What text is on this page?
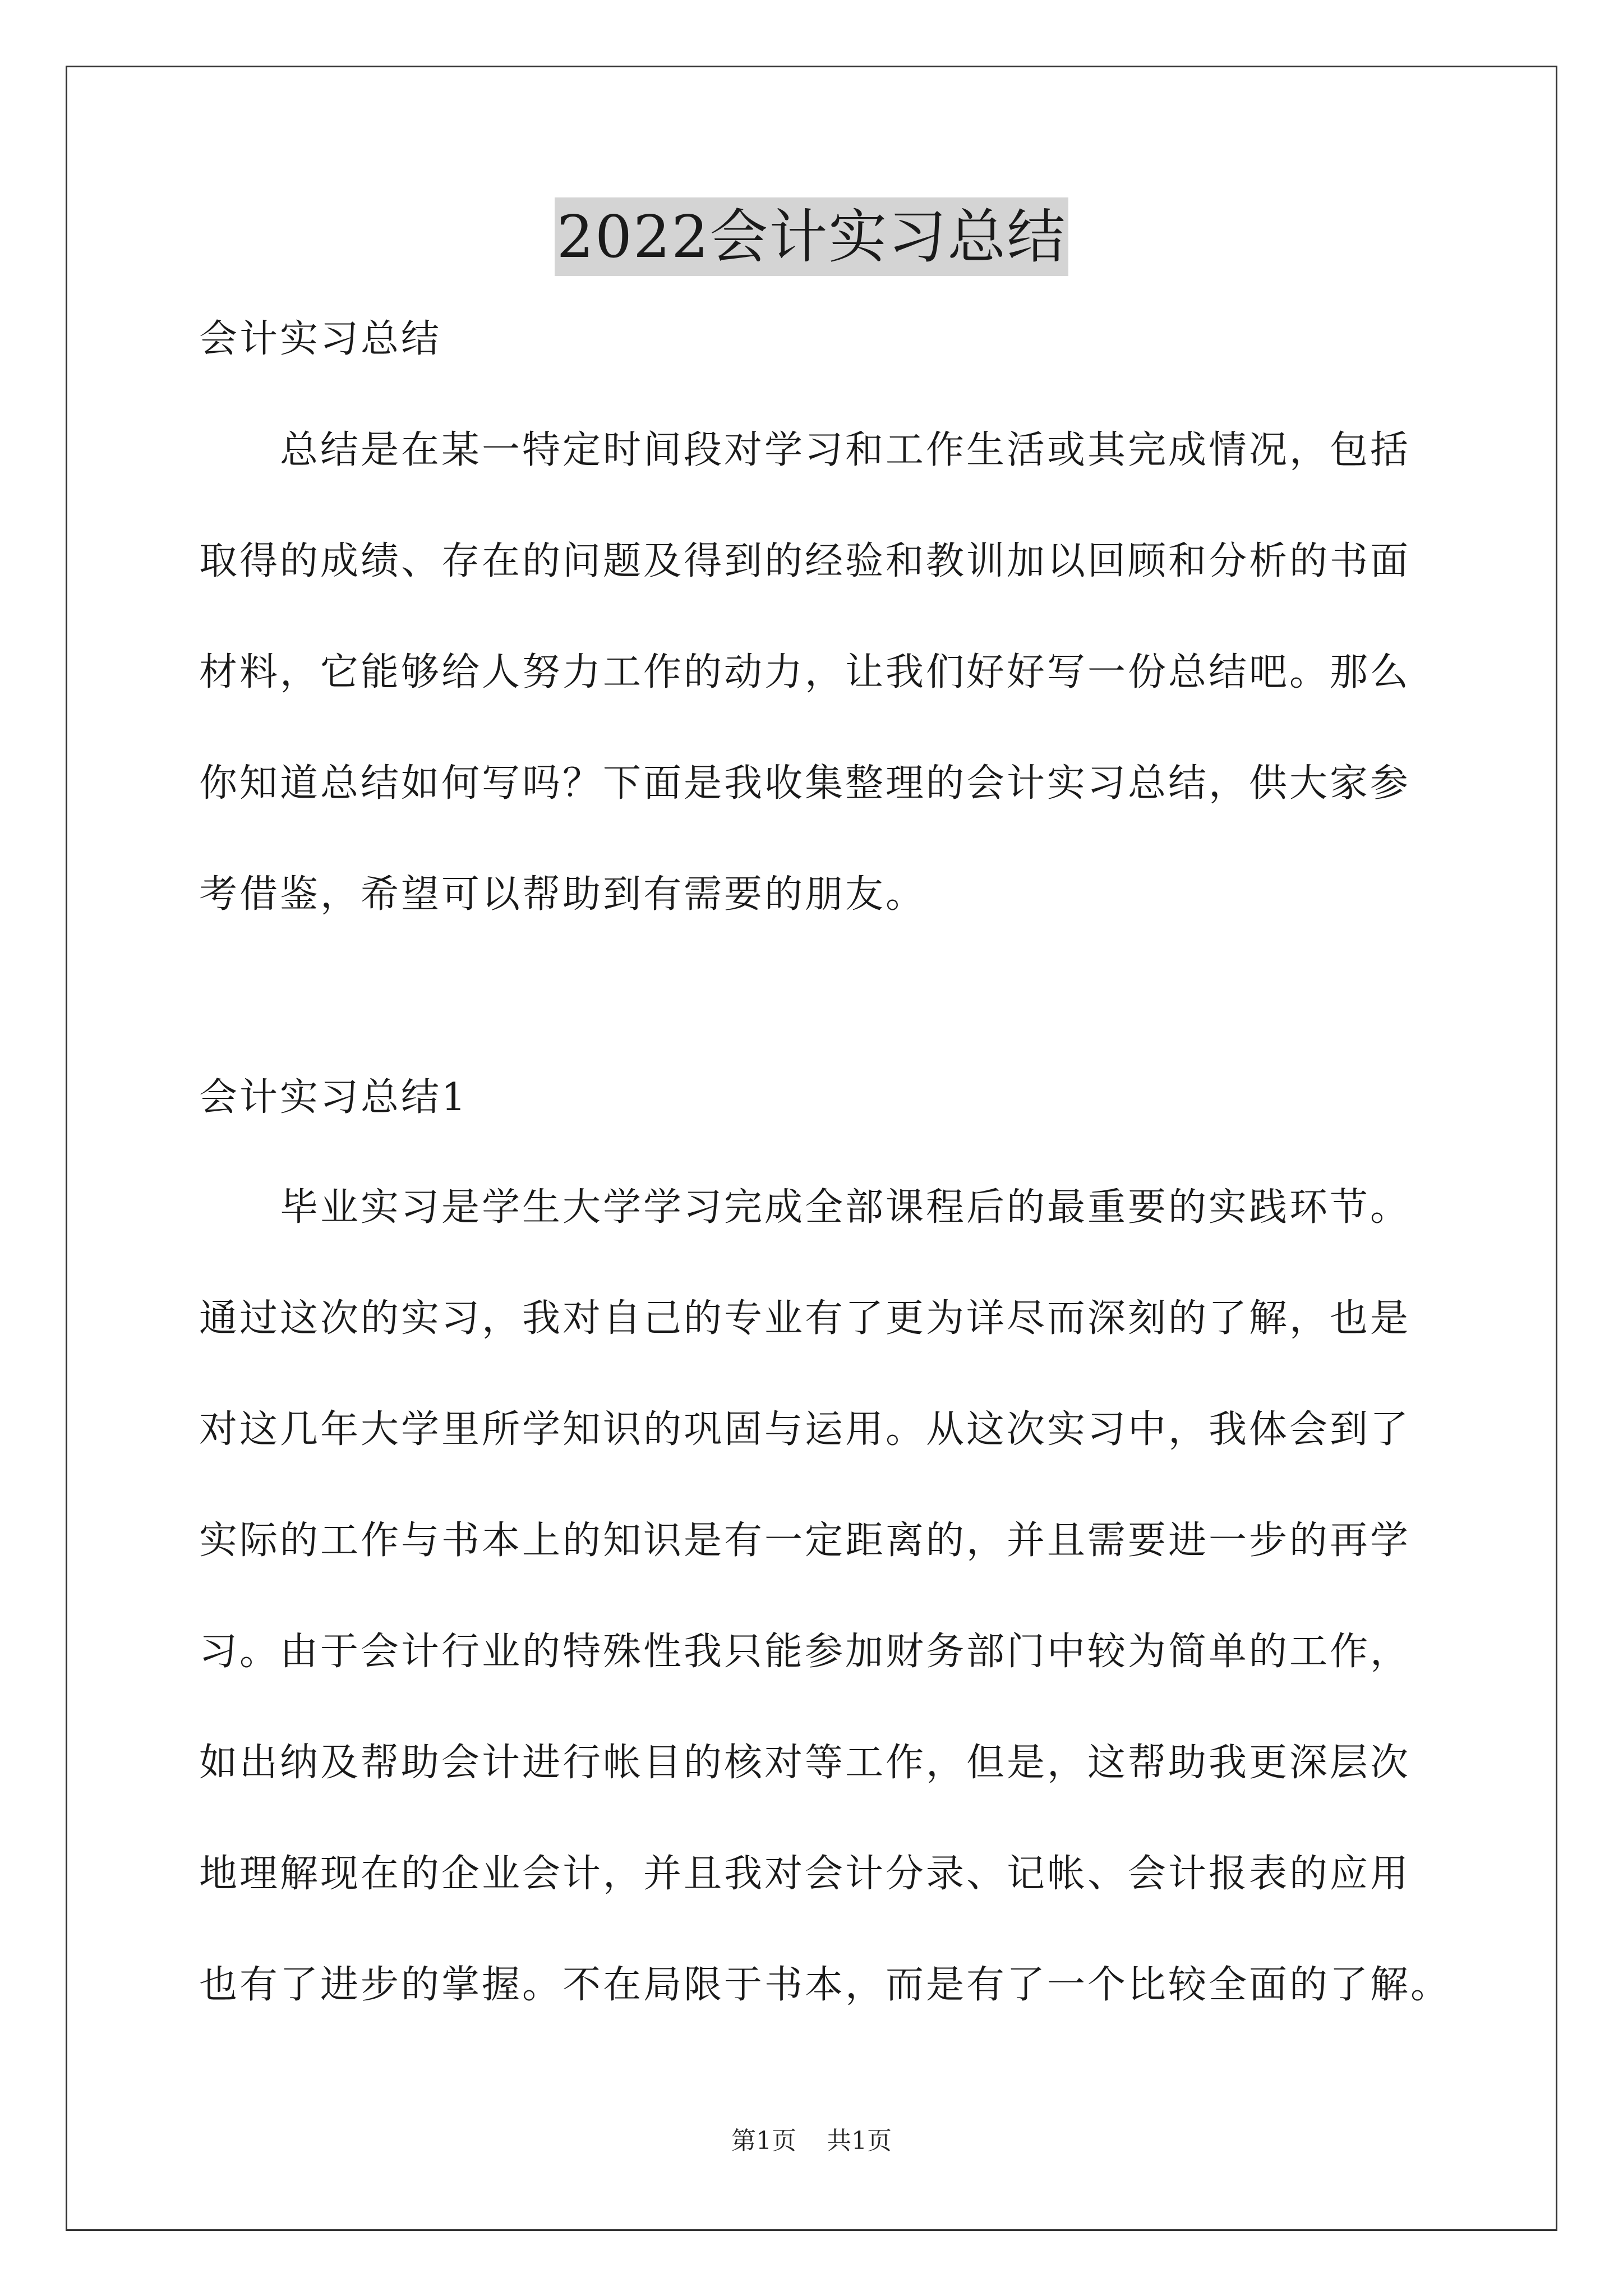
2022会计实习总结
会计实习总结
总结是在某一特定时间段对学习和工作生活或其完成情况，包括
取得的成绩、存在的问题及得到的经验和教训加以回顾和分析的书面
材料，它能够给人努力工作的动力，让我们好好写一份总结吧。那么
你知道总结如何写吗？下面是我收集整理的会计实习总结，供大家参
考借鉴，希望可以帮助到有需要的朋友。
会计实习总结1
毕业实习是学生大学学习完成全部课程后的最重要的实践环节。
通过这次的实习，我对自己的专业有了更为详尽而深刻的了解，也是
对这几年大学里所学知识的巩固与运用。从这次实习中，我体会到了
实际的工作与书本上的知识是有一定距离的，并且需要进一步的再学
习。由于会计行业的特殊性我只能参加财务部门中较为简单的工作，
如出纳及帮助会计进行帐目的核对等工作，但是，这帮助我更深层次
地理解现在的企业会计，并且我对会计分录、记帐、会计报表的应用
也有了进步的掌握。不在局限于书本，而是有了一个比较全面的了解。
第1页 共1页
